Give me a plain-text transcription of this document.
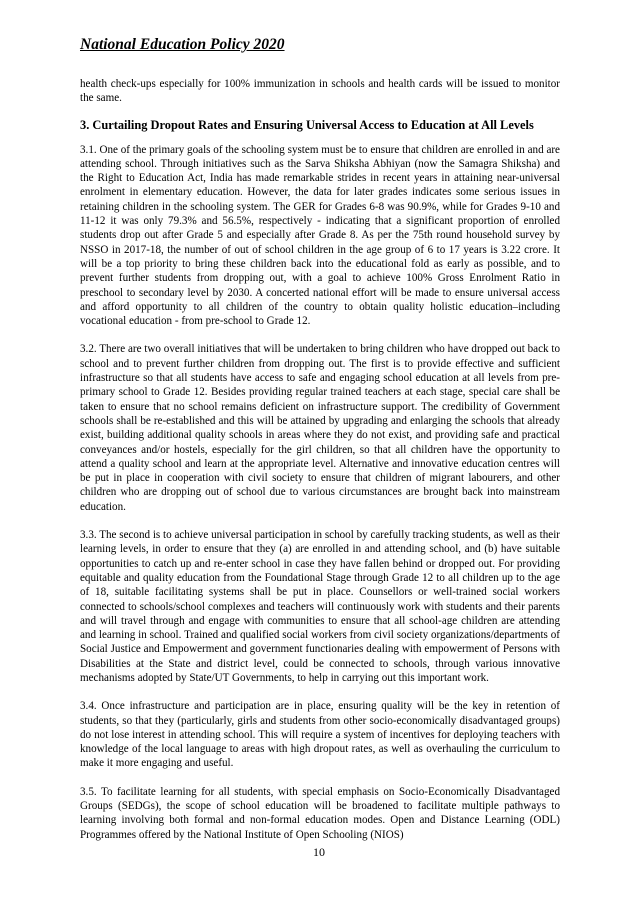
National Education Policy 2020

health check-ups especially for 100% immunization in schools and health cards will be issued to monitor the same.

3. Curtailing Dropout Rates and Ensuring Universal Access to Education at All Levels

3.1. One of the primary goals of the schooling system must be to ensure that children are enrolled in and are attending school. Through initiatives such as the Sarva Shiksha Abhiyan (now the Samagra Shiksha) and the Right to Education Act, India has made remarkable strides in recent years in attaining near-universal enrolment in elementary education. However, the data for later grades indicates some serious issues in retaining children in the schooling system. The GER for Grades 6-8 was 90.9%, while for Grades 9-10 and 11-12 it was only 79.3% and 56.5%, respectively - indicating that a significant proportion of enrolled students drop out after Grade 5 and especially after Grade 8. As per the 75th round household survey by NSSO in 2017-18, the number of out of school children in the age group of 6 to 17 years is 3.22 crore. It will be a top priority to bring these children back into the educational fold as early as possible, and to prevent further students from dropping out, with a goal to achieve 100% Gross Enrolment Ratio in preschool to secondary level by 2030. A concerted national effort will be made to ensure universal access and afford opportunity to all children of the country to obtain quality holistic education–including vocational education - from pre-school to Grade 12.

3.2. There are two overall initiatives that will be undertaken to bring children who have dropped out back to school and to prevent further children from dropping out. The first is to provide effective and sufficient infrastructure so that all students have access to safe and engaging school education at all levels from pre-primary school to Grade 12. Besides providing regular trained teachers at each stage, special care shall be taken to ensure that no school remains deficient on infrastructure support. The credibility of Government schools shall be re-established and this will be attained by upgrading and enlarging the schools that already exist, building additional quality schools in areas where they do not exist, and providing safe and practical conveyances and/or hostels, especially for the girl children, so that all children have the opportunity to attend a quality school and learn at the appropriate level. Alternative and innovative education centres will be put in place in cooperation with civil society to ensure that children of migrant labourers, and other children who are dropping out of school due to various circumstances are brought back into mainstream education.

3.3. The second is to achieve universal participation in school by carefully tracking students, as well as their learning levels, in order to ensure that they (a) are enrolled in and attending school, and (b) have suitable opportunities to catch up and re-enter school in case they have fallen behind or dropped out. For providing equitable and quality education from the Foundational Stage through Grade 12 to all children up to the age of 18, suitable facilitating systems shall be put in place. Counsellors or well-trained social workers connected to schools/school complexes and teachers will continuously work with students and their parents and will travel through and engage with communities to ensure that all school-age children are attending and learning in school. Trained and qualified social workers from civil society organizations/departments of Social Justice and Empowerment and government functionaries dealing with empowerment of Persons with Disabilities at the State and district level, could be connected to schools, through various innovative mechanisms adopted by State/UT Governments, to help in carrying out this important work.

3.4. Once infrastructure and participation are in place, ensuring quality will be the key in retention of students, so that they (particularly, girls and students from other socio-economically disadvantaged groups) do not lose interest in attending school. This will require a system of incentives for deploying teachers with knowledge of the local language to areas with high dropout rates, as well as overhauling the curriculum to make it more engaging and useful.

3.5. To facilitate learning for all students, with special emphasis on Socio-Economically Disadvantaged Groups (SEDGs), the scope of school education will be broadened to facilitate multiple pathways to learning involving both formal and non-formal education modes. Open and Distance Learning (ODL) Programmes offered by the National Institute of Open Schooling (NIOS)

10
